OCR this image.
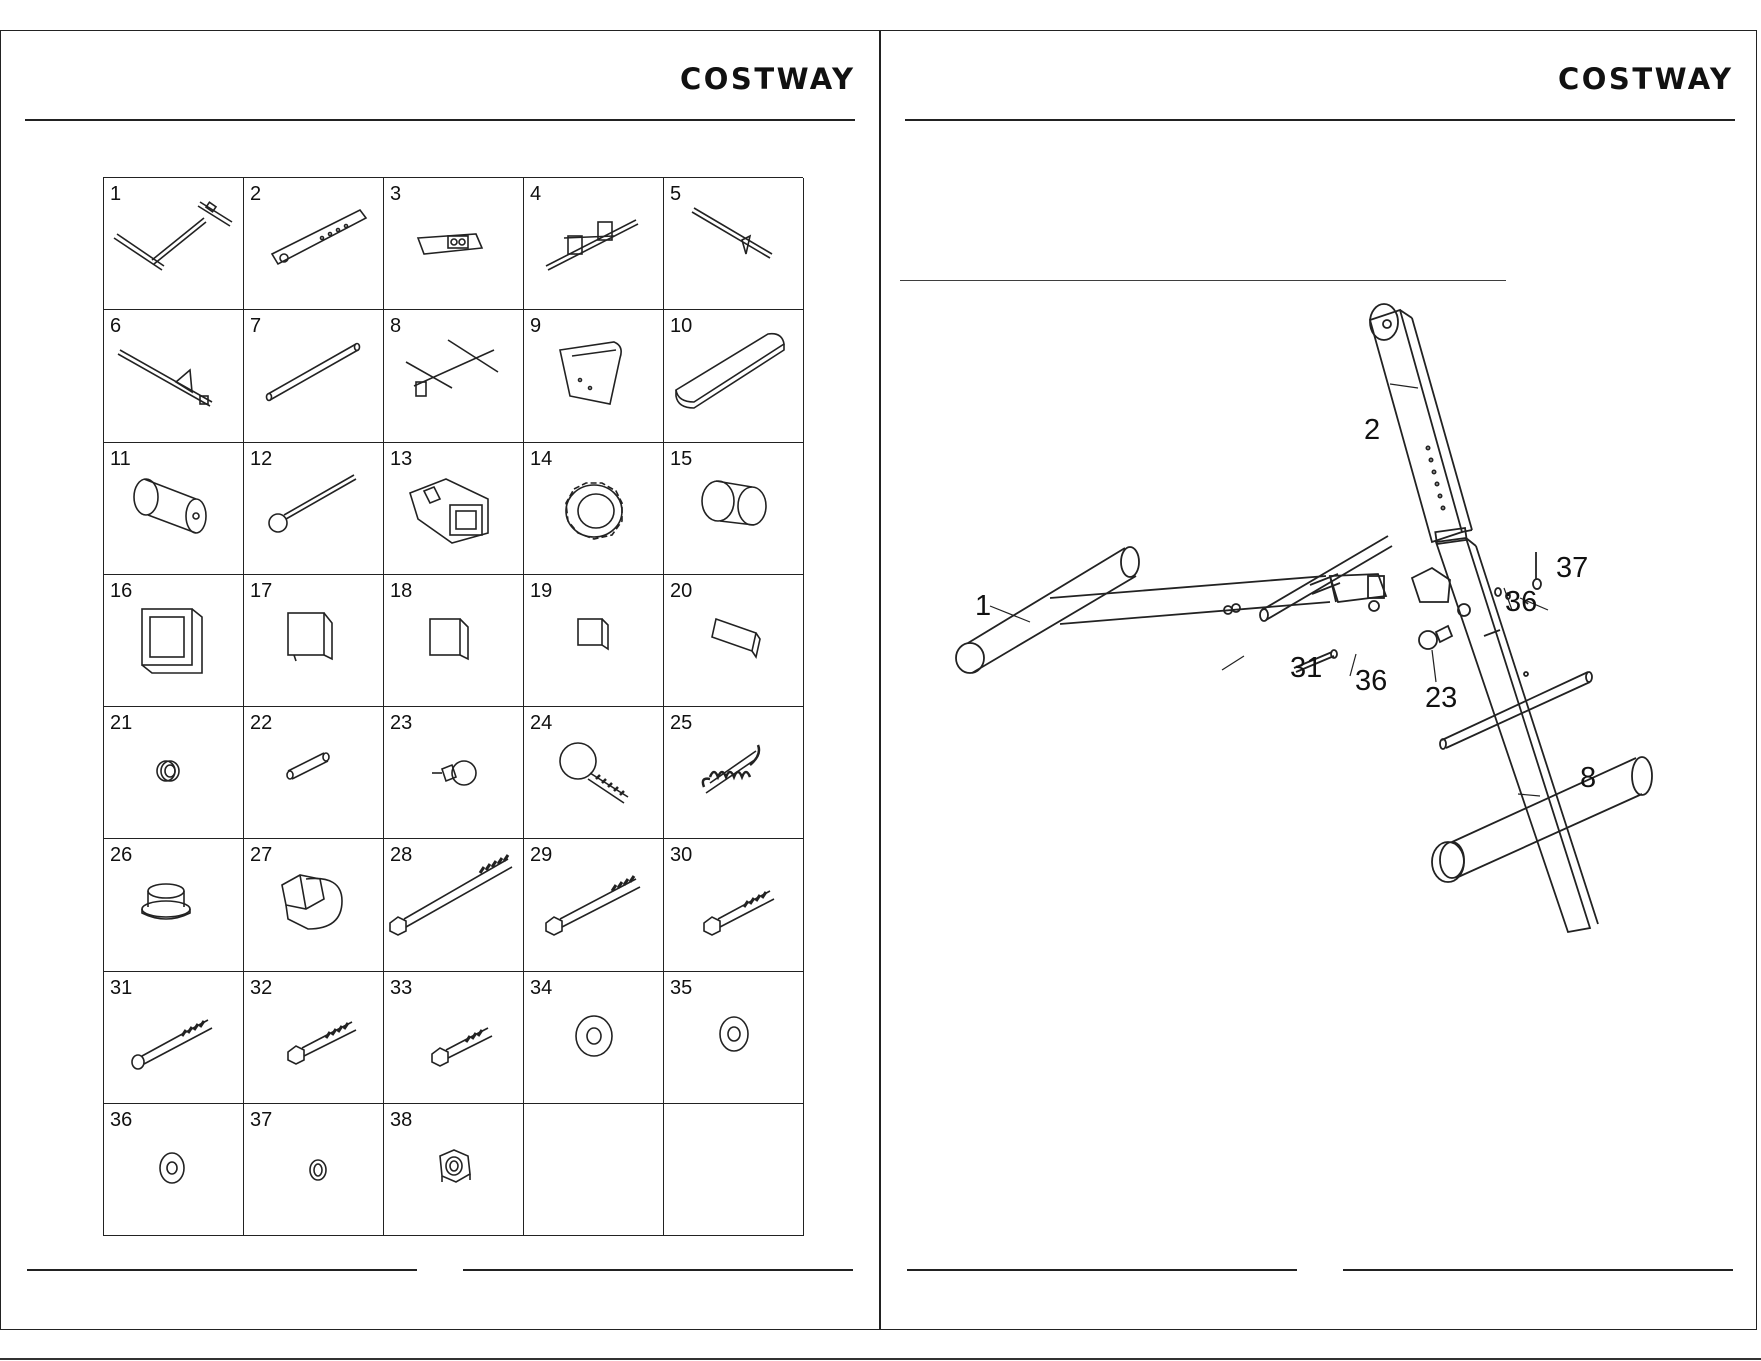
COSTWAY	COSTWAY
1	2	3	4	5
6	7	8	9	10
11	12	13	14	15
16	17	18	19	20
21	22	23	24	25
26	27	28	29	30
31	32	33	34	35
36	37	38
1
2
8
23
31 36
36
37
